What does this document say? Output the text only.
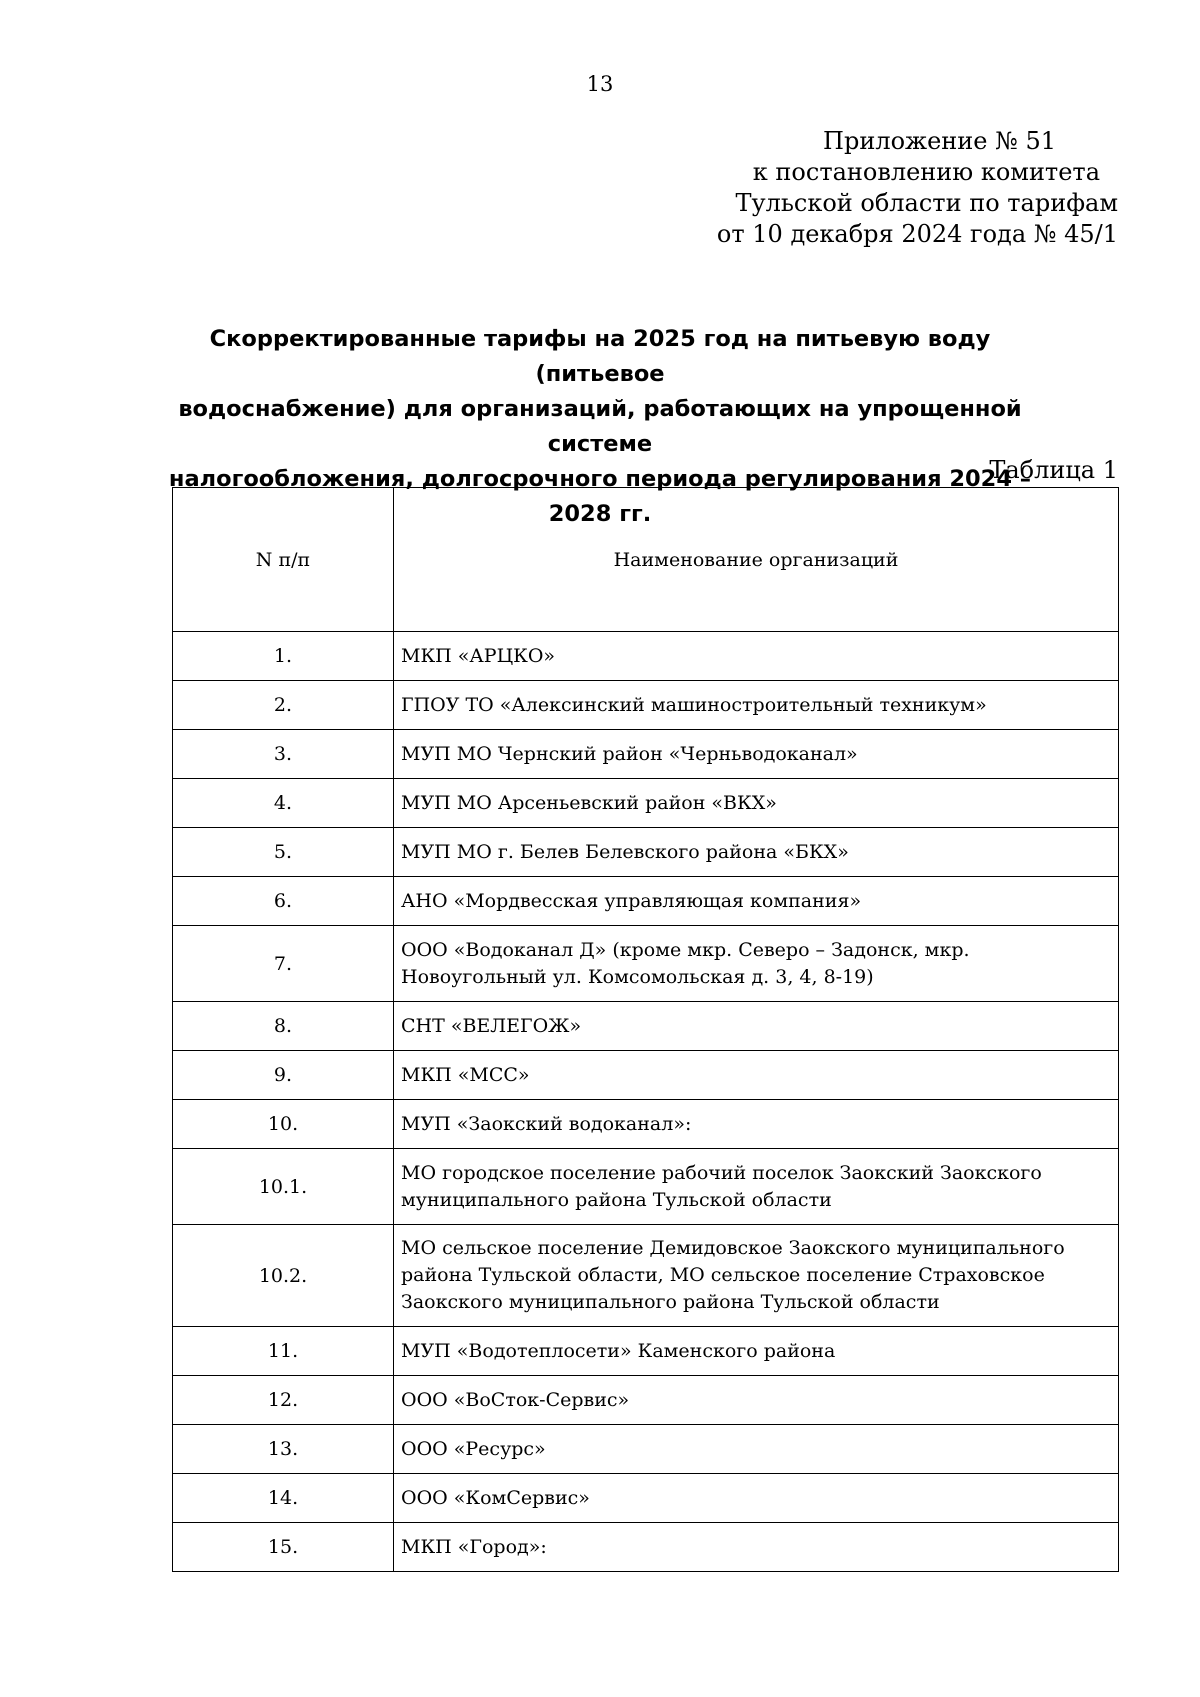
13
Приложение № 51
к постановлению комитета
Тульской области по тарифам
от 10 декабря 2024 года № 45/1
Скорректированные тарифы на 2025 год на питьевую воду (питьевое
водоснабжение) для организаций, работающих на упрощенной системе
налогообложения, долгосрочного периода регулирования 2024 – 2028 гг.
Таблица 1
N п/п	Наименование организаций
1.	МКП «АРЦКО»
2.	ГПОУ ТО «Алексинский машиностроительный техникум»
3.	МУП МО Чернский район «Черньводоканал»
4.	МУП МО Арсеньевский район «ВКХ»
5.	МУП МО г. Белев Белевского района «БКХ»
6.	АНО «Мордвесская управляющая компания»
7.	ООО «Водоканал Д» (кроме мкр. Северо – Задонск, мкр. Новоугольный ул. Комсомольская д. 3, 4, 8-19)
8.	СНТ «ВЕЛЕГОЖ»
9.	МКП «МСС»
10.	МУП «Заокский водоканал»:
10.1.	МО городское поселение рабочий поселок Заокский Заокского муниципального района Тульской области
10.2.	МО сельское поселение Демидовское Заокского муниципального района Тульской области, МО сельское поселение Страховское Заокского муниципального района Тульской области
11.	МУП «Водотеплосети» Каменского района
12.	ООО «ВоСток-Сервис»
13.	ООО «Ресурс»
14.	ООО «КомСервис»
15.	МКП «Город»:
